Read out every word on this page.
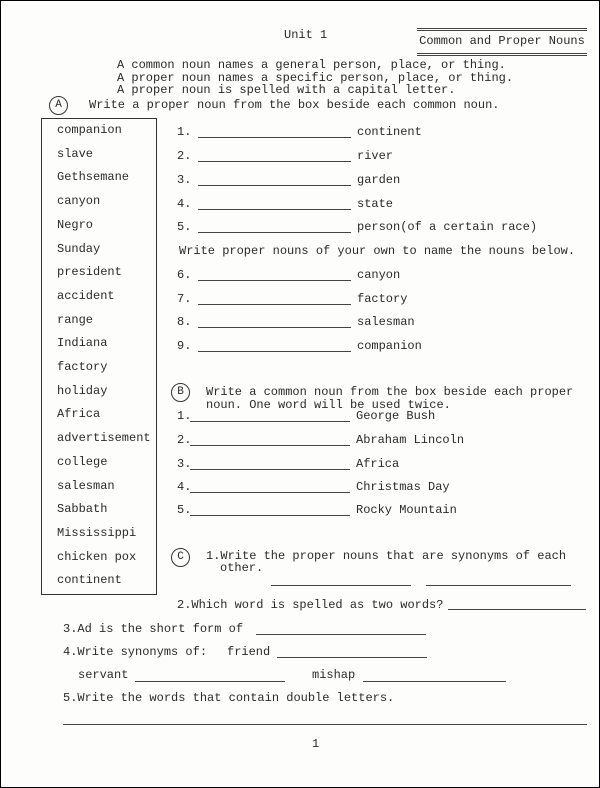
Unit 1	Common and Proper Nouns
A common noun names a general person, place, or thing.
A proper noun names a specific person, place, or thing.
A proper noun is spelled with a capital letter.
A	Write a proper noun from the box beside each common noun.
Write proper nouns of your own to name the nouns below.
B	Write a common noun from the box beside each proper
noun. One word will be used twice.
C	1.Write the proper nouns that are synonyms of each
other.
2.Which word is spelled as two words?
3.Ad is the short form of
4.Write synonyms of: friend
servant	mishap
5.Write the words that contain double letters.
1
companion
slave
Gethsemane
canyon
Negro
Sunday
president
accident
range
Indiana
factory
holiday
Africa
advertisement
college
salesman
Sabbath
Mississippi
chicken pox
continent
1.	continent
2.	river
3.	garden
4.	state
5.	person(of a certain race)
6.	canyon
7.	factory
8.	salesman
9.	companion
1.	George Bush
2.	Abraham Lincoln
3.	Africa
4.	Christmas Day
5.	Rocky Mountain
